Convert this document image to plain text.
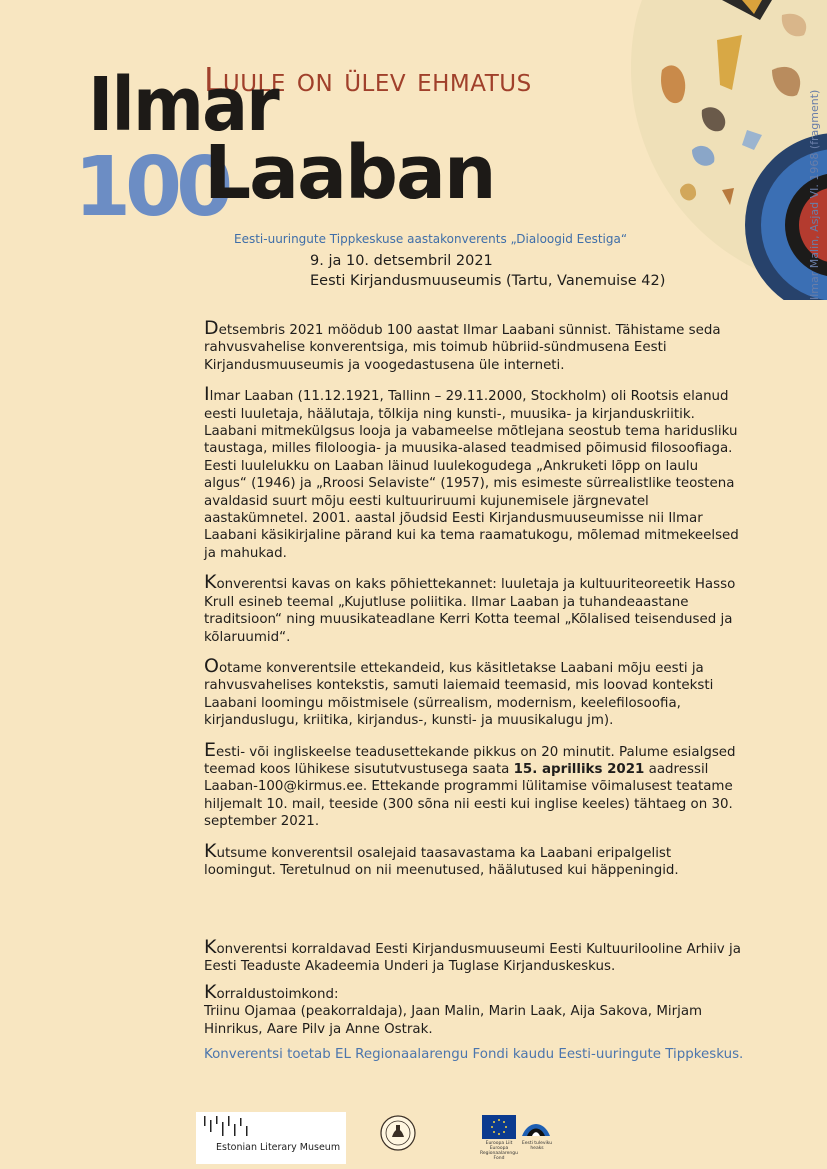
Luule on ülev ehmatus
Ilmar
100
Laaban
Eesti-uuringute Tippkeskuse aastakonverents „Dialoogid Eestiga“
9. ja 10. detsembril 2021
Eesti Kirjandusmuuseumis (Tartu, Vanemuise 42)	Ilmar Malin, Asjad VI. 1968 (fragment)

Detsembris 2021 möödub 100 aastat Ilmar Laabani sünnist. Tähistame seda rahvusvahelise konverentsiga, mis toimub hübriid-sündmusena Eesti Kirjandusmuuseumis ja voogedastusena üle interneti.

Ilmar Laaban (11.12.1921, Tallinn – 29.11.2000, Stockholm) oli Rootsis elanud eesti luuletaja, häälutaja, tõlkija ning kunsti-, muusika- ja kirjanduskriitik. Laabani mitmekülgsus looja ja vabameelse mõtlejana seostub tema haridusliku taustaga, milles filoloogia- ja muusika-alased teadmised põimusid filosoofiaga. Eesti luulelukku on Laaban läinud luulekogudega „Ankruketi lõpp on laulu algus“ (1946) ja „Rroosi Selaviste“ (1957), mis esimeste sürrealistlike teostena avaldasid suurt mõju eesti kultuuriruumi kujunemisele järgnevatel aastakümnetel. 2001. aastal jõudsid Eesti Kirjandusmuuseumisse nii Ilmar Laabani käsikirjaline pärand kui ka tema raamatukogu, mõlemad mitmekeelsed ja mahukad.

Konverentsi kavas on kaks põhiettekannet: luuletaja ja kultuuriteoreetik Hasso Krull esineb teemal „Kujutluse poliitika. Ilmar Laaban ja tuhandeaastane traditsioon“ ning muusikateadlane Kerri Kotta teemal „Kõlalised teisendused ja kõlaruumid“.

Ootame konverentsile ettekandeid, kus käsitletakse Laabani mõju eesti ja rahvusvahelises kontekstis, samuti laiemaid teemasid, mis loovad konteksti Laabani loomingu mõistmisele (sürrealism, modernism, keelefilosoofia, kirjanduslugu, kriitika, kirjandus-, kunsti- ja muusikalugu jm).

Eesti- või ingliskeelse teadusettekande pikkus on 20 minutit. Palume esialgsed teemad koos lühikese sisututvustusega saata 15. aprilliks 2021 aadressil Laaban-100@kirmus.ee. Ettekande programmi lülitamise võimalusest teatame hiljemalt 10. mail, teeside (300 sõna nii eesti kui inglise keeles) tähtaeg on 30. september 2021.

Kutsume konverentsil osalejaid taasavastama ka Laabani eripalgelist loomingut. Teretulnud on nii meenutused, häälutused kui häppeningid.

Konverentsi korraldavad Eesti Kirjandusmuuseumi Eesti Kultuurilooline Arhiiv ja Eesti Teaduste Akadeemia Underi ja Tuglase Kirjanduskeskus.

Korraldustoimkond:
Triinu Ojamaa (peakorraldaja), Jaan Malin, Marin Laak, Aija Sakova, Mirjam Hinrikus, Aare Pilv ja Anne Ostrak.

Konverentsi toetab EL Regionaalarengu Fondi kaudu Eesti-uuringute Tippkeskus.

Estonian Literary Museum	Euroopa Liit Euroopa Regionaalarengu Fond
Eesti tuleviku heaks
